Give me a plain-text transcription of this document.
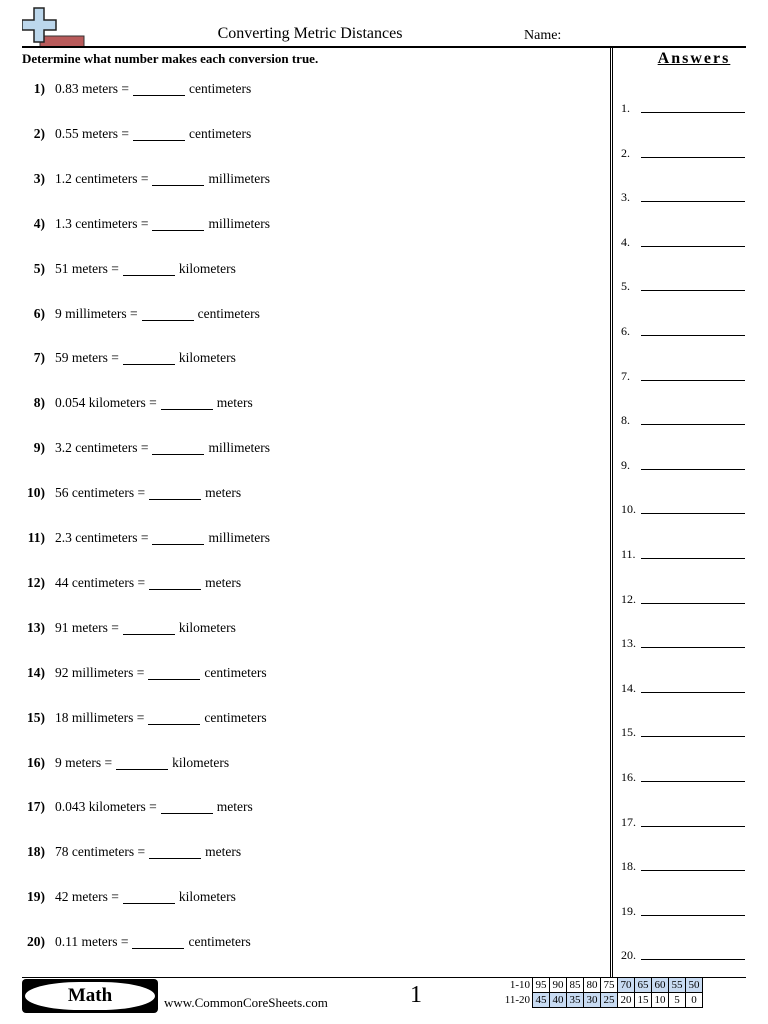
Converting Metric Distances	Name:
Determine what number makes each conversion true.
1) 0.83 meters =	centimeters
2) 0.55 meters =	centimeters
3) 1.2 centimeters =	millimeters
4) 1.3 centimeters =	millimeters
5) 51 meters =	kilometers
6) 9 millimeters =	centimeters
7) 59 meters =	kilometers
8) 0.054 kilometers =	meters
9) 3.2 centimeters =	millimeters
10) 56 centimeters =	meters
11) 2.3 centimeters =	millimeters
12) 44 centimeters =	meters
13) 91 meters =	kilometers
14) 92 millimeters =	centimeters
15) 18 millimeters =	centimeters
16) 9 meters =	kilometers
17) 0.043 kilometers =	meters
18) 78 centimeters =	meters
19) 42 meters =	kilometers
20) 0.11 meters =	centimeters
Answers
1.
2.
3.
4.
5.
6.
7.
8.
9.
10.
11.
12.
13.
14.
15.
16.
17.
18.
19.
20.
Math	www.CommonCoreSheets.com	1	1-10	95	90	85	80	75	70	65	60	55	50
11-20	45	40	35	30	25	20	15	10	5	0
